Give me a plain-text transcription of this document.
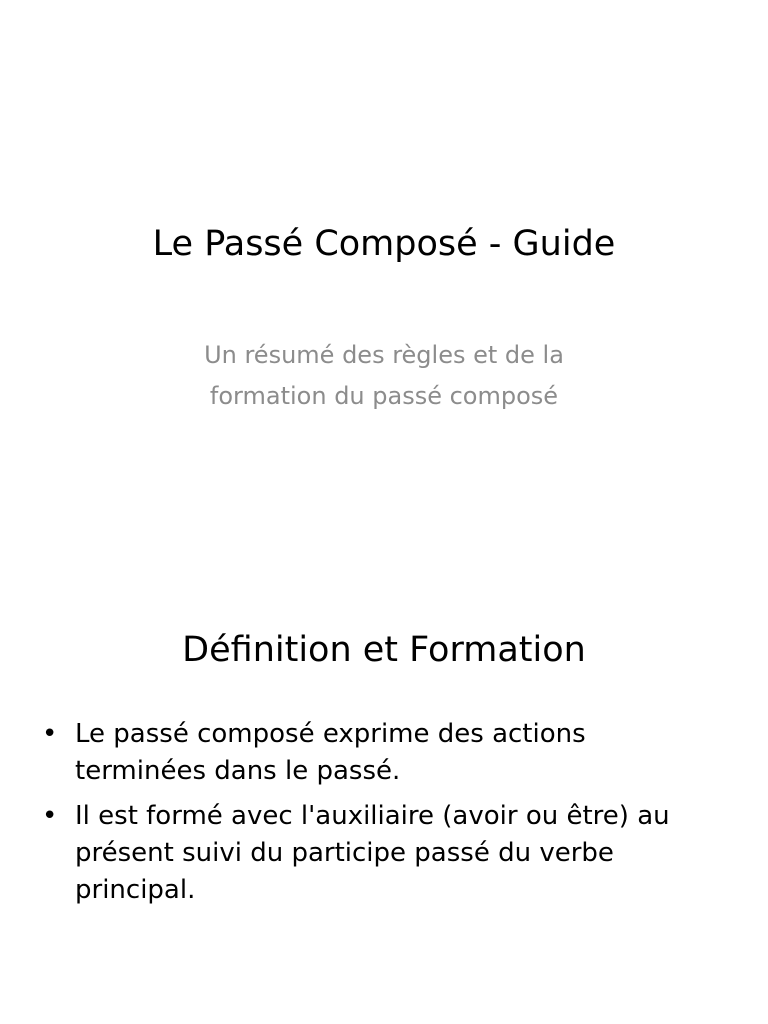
Le Passé Composé - Guide
Un résumé des règles et de la
formation du passé composé
Définition et Formation
• Le passé composé exprime des actions
terminées dans le passé.
• Il est formé avec l'auxiliaire (avoir ou être) au
présent suivi du participe passé du verbe
principal.
